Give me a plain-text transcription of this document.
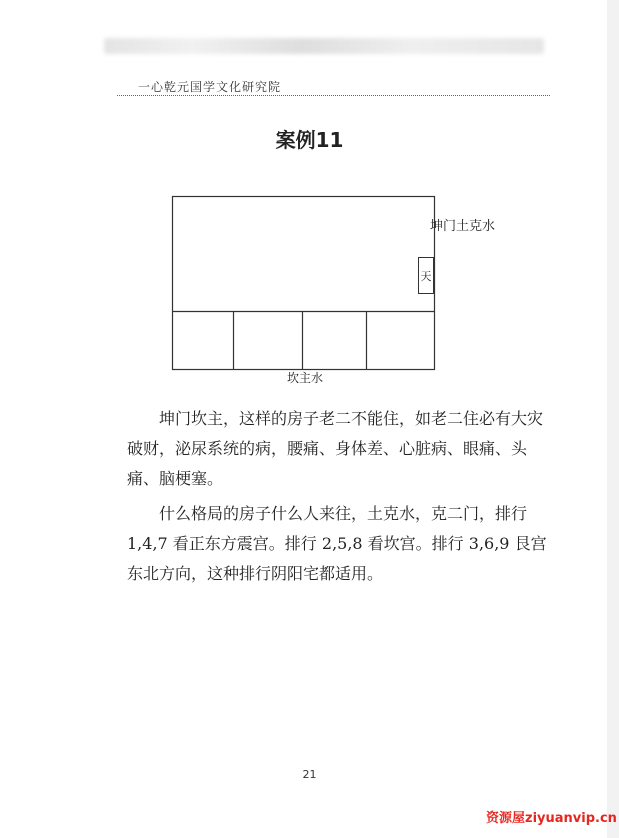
一心乾元国学文化研究院
案例11
坤门土克水
天
坎主水

坤门坎主，这样的房子老二不能住，如老二住必有大灾破财，泌尿系统的病，腰痛、身体差、心脏病、眼痛、头痛、脑梗塞。

什么格局的房子什么人来往，土克水，克二门，排行 1,4,7 看正东方震宫。排行 2,5,8 看坎宫。排行 3,6,9 艮宫东北方向，这种排行阴阳宅都适用。

21
资源屋ziyuanvip.cn
